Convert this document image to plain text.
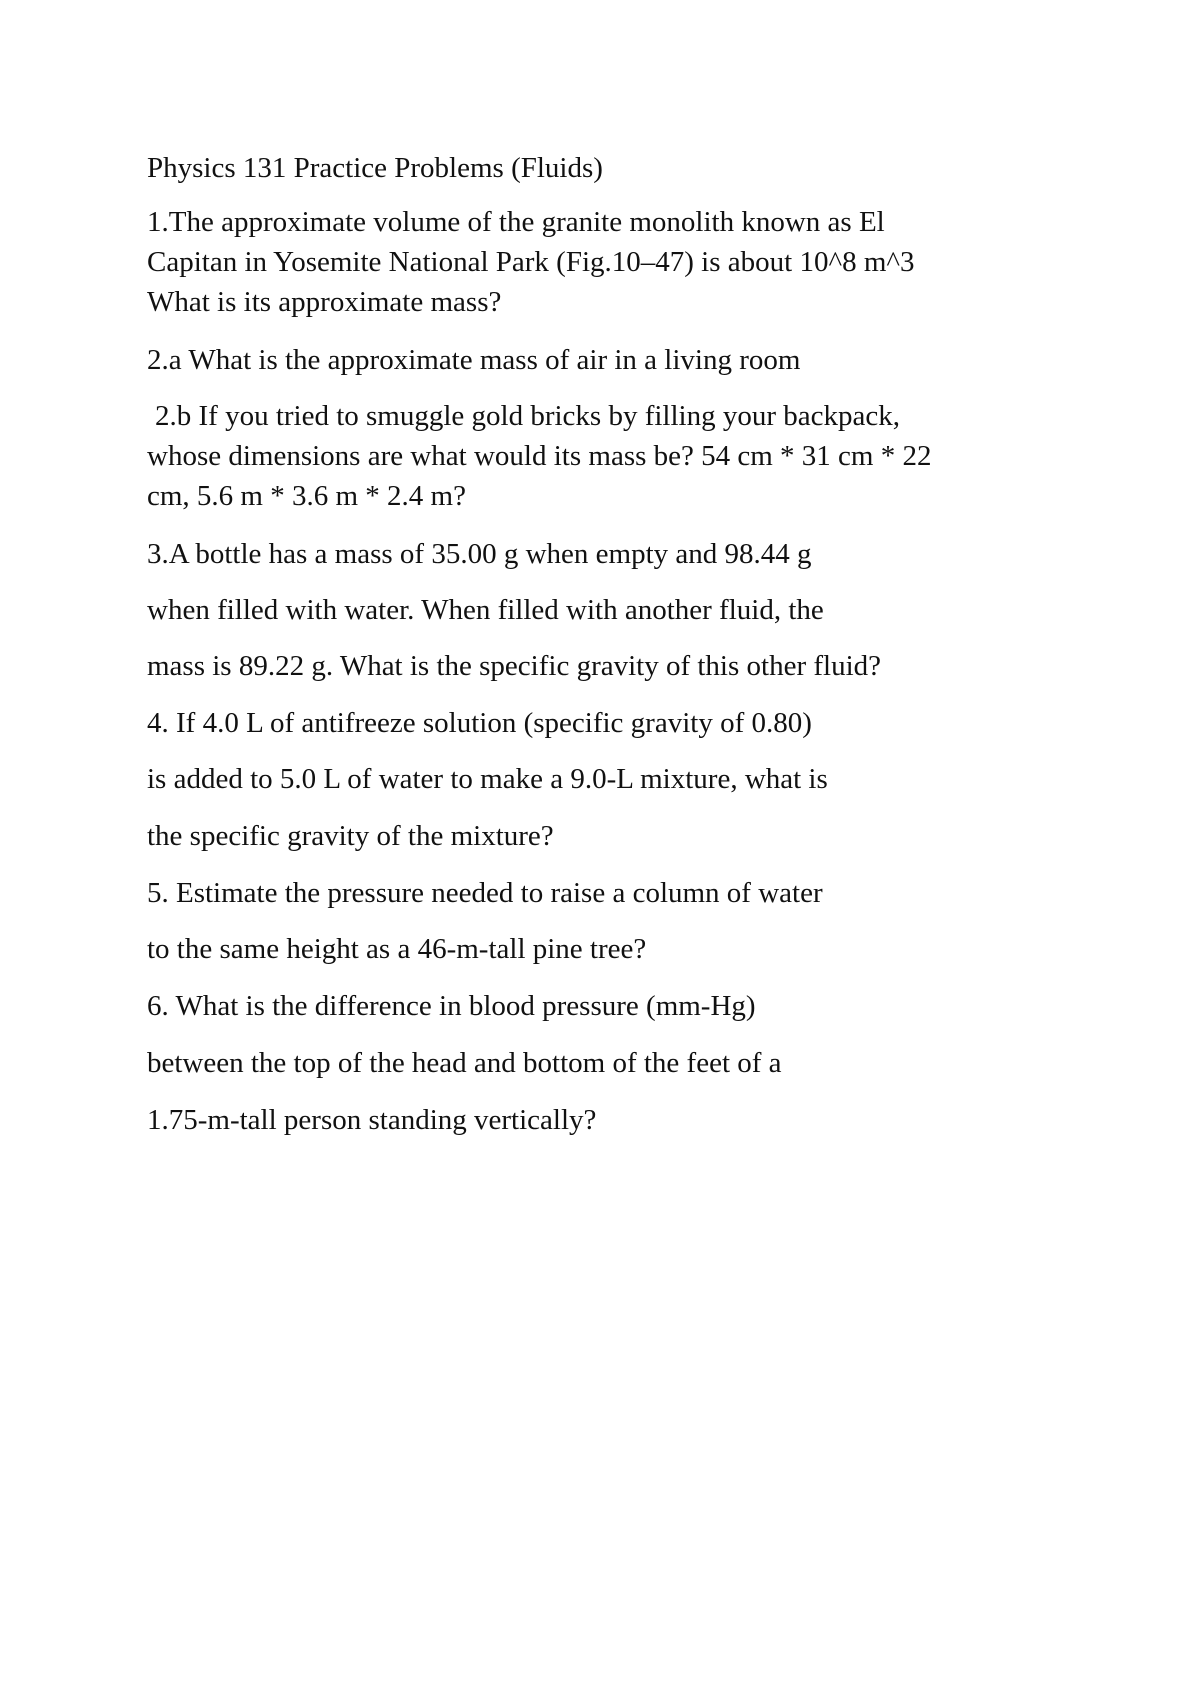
Physics 131 Practice Problems (Fluids)
1.The approximate volume of the granite monolith known as El
Capitan in Yosemite National Park (Fig.10–47) is about 10^8 m^3
What is its approximate mass?
2.a What is the approximate mass of air in a living room
2.b If you tried to smuggle gold bricks by filling your backpack,
whose dimensions are what would its mass be? 54 cm * 31 cm * 22
cm, 5.6 m * 3.6 m * 2.4 m?
3.A bottle has a mass of 35.00 g when empty and 98.44 g
when filled with water. When filled with another fluid, the
mass is 89.22 g. What is the specific gravity of this other fluid?
4. If 4.0 L of antifreeze solution (specific gravity of 0.80)
is added to 5.0 L of water to make a 9.0-L mixture, what is
the specific gravity of the mixture?
5. Estimate the pressure needed to raise a column of water
to the same height as a 46-m-tall pine tree?
6. What is the difference in blood pressure (mm-Hg)
between the top of the head and bottom of the feet of a
1.75-m-tall person standing vertically?
